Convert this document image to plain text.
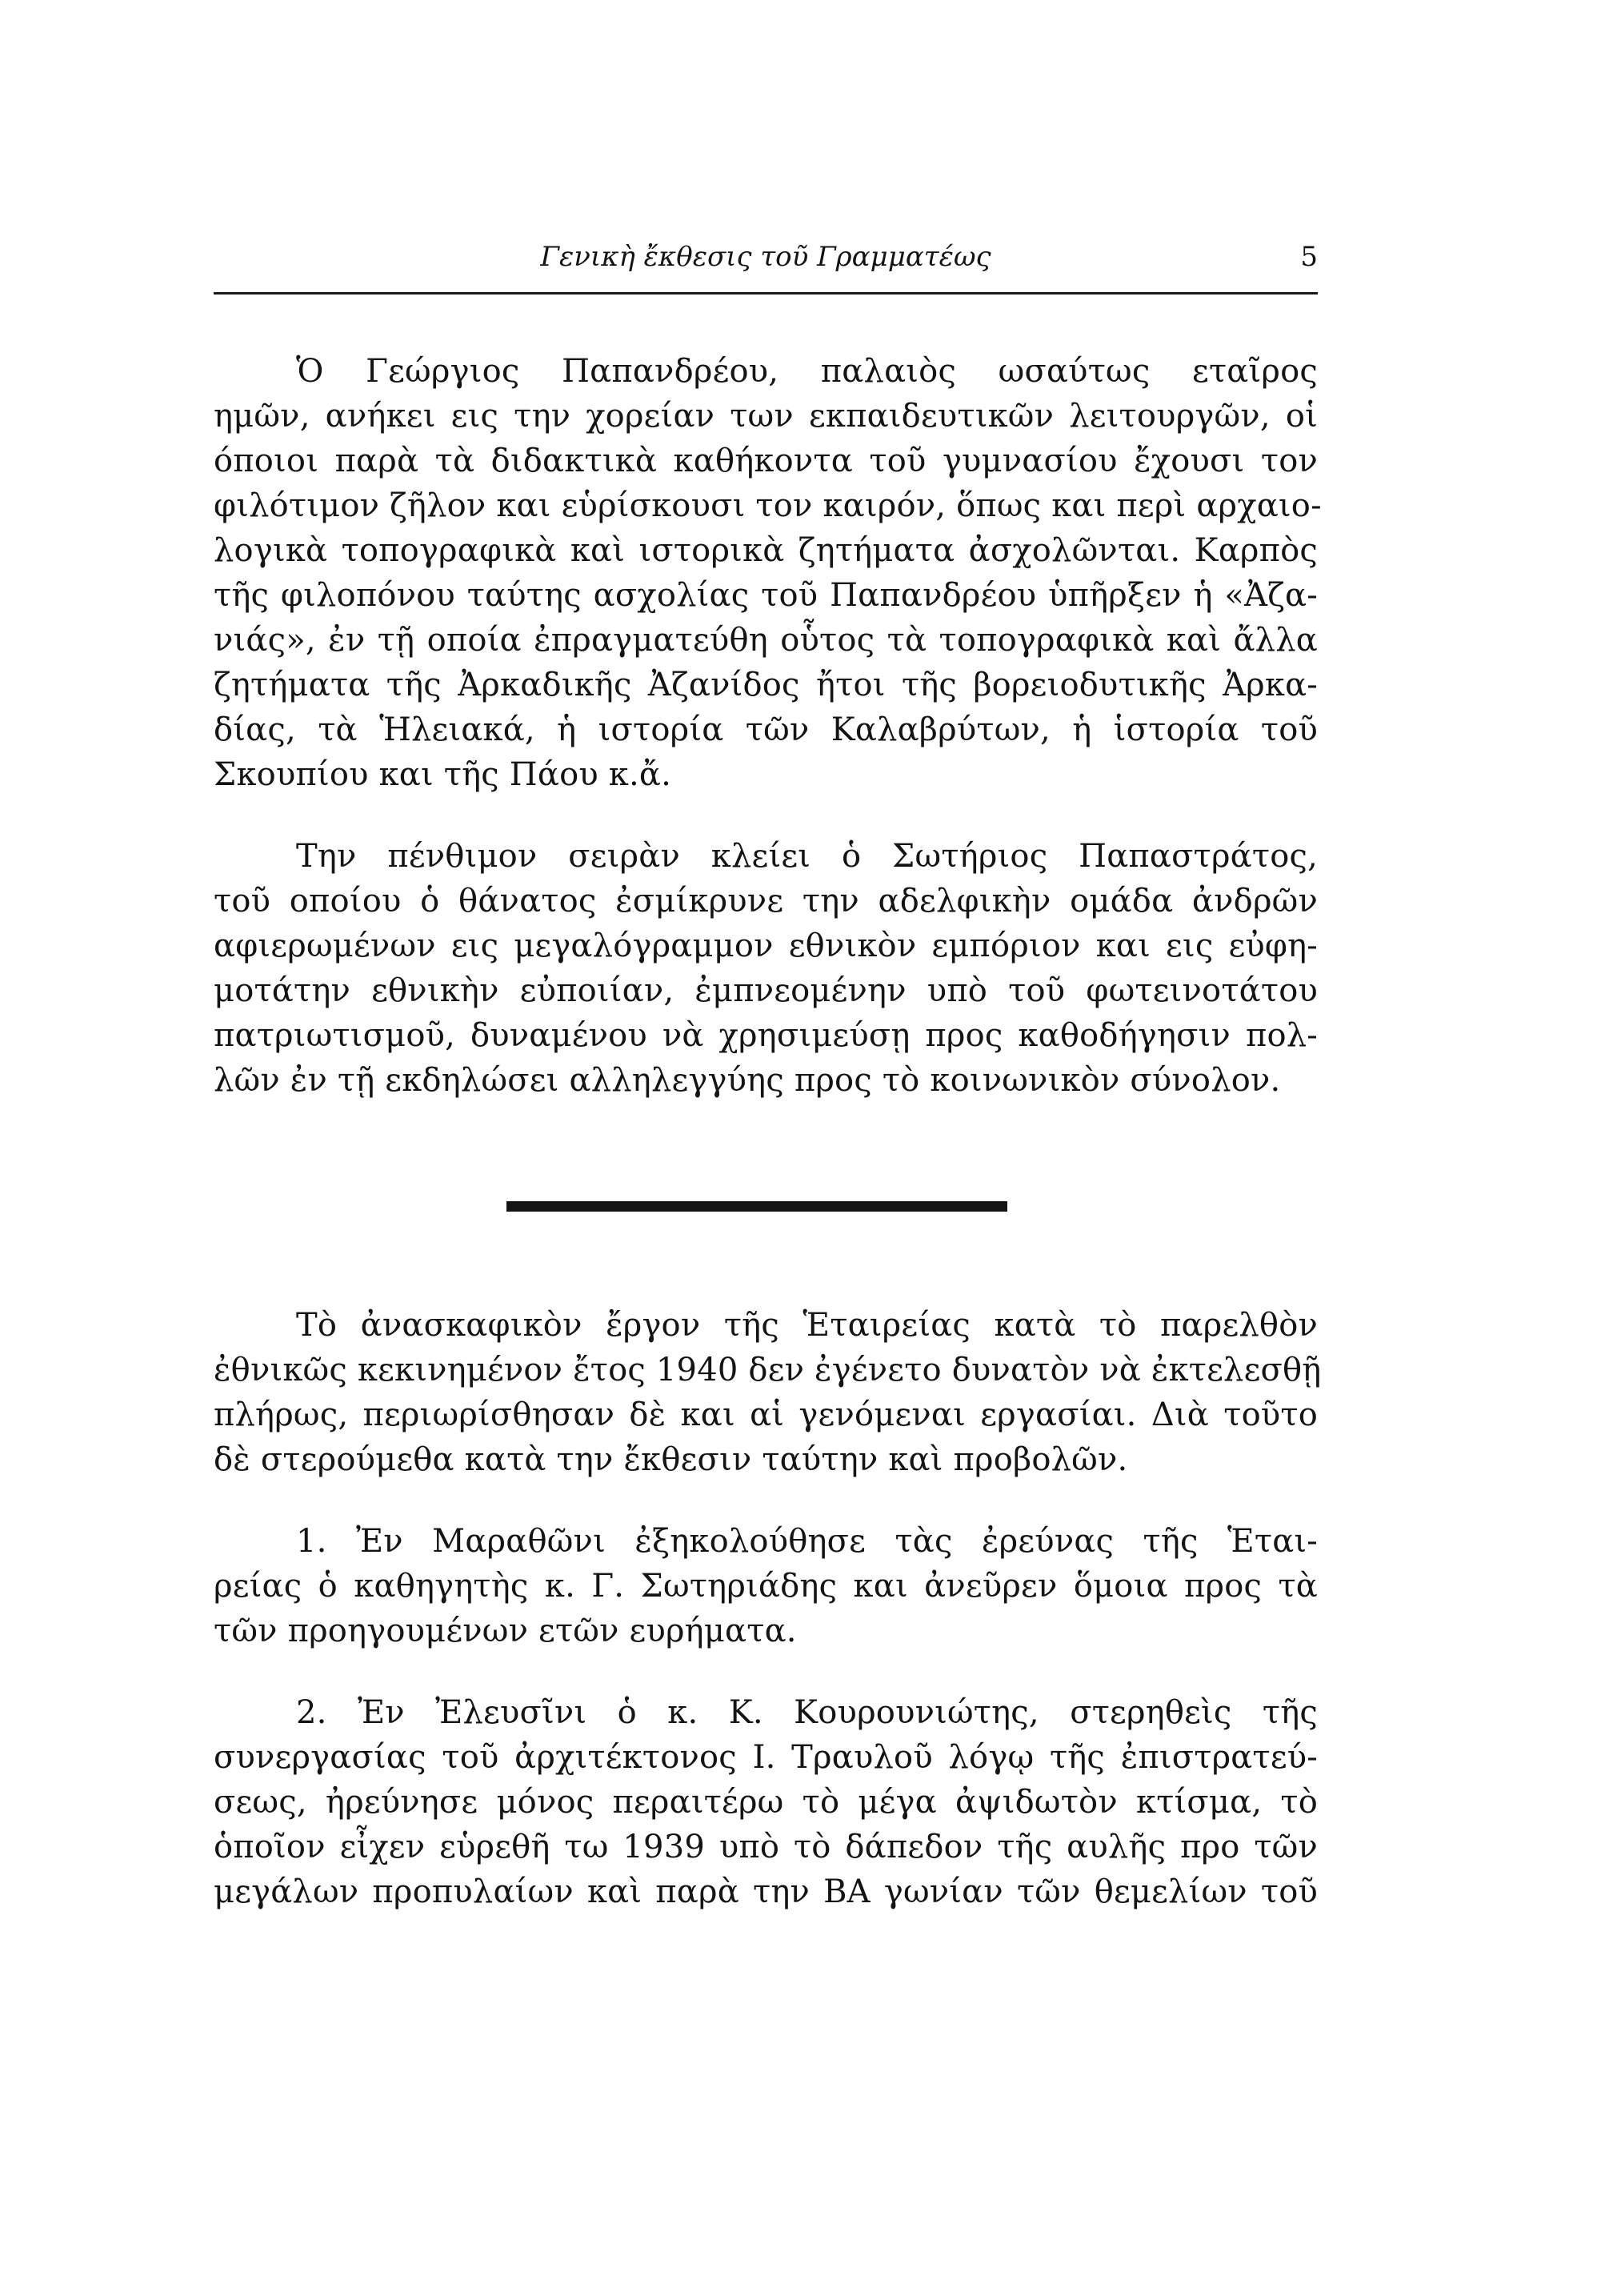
Γενικὴ ἔκθεσις τοῦ Γραμματέως	5
Ὁ Γεώργιος Παπανδρέου, παλαιὸς ωσαύτως εταῖρος
ημῶν, ανήκει εις την χορείαν των εκπαιδευτικῶν λειτουργῶν, οἱ
όποιοι παρὰ τὰ διδακτικὰ καθήκοντα τοῦ γυμνασίου ἔχουσι τον
φιλότιμον ζῆλον και εὑρίσκουσι τον καιρόν, ὅπως και περὶ αρχαιο-
λογικὰ τοπογραφικὰ καὶ ιστορικὰ ζητήματα ἀσχολῶνται. Καρπὸς
τῆς φιλοπόνου ταύτης ασχολίας τοῦ Παπανδρέου ὑπῆρξεν ἡ «Ἀζα-
νιάς», ἐν τῇ οποία ἐπραγματεύθη οὗτος τὰ τοπογραφικὰ καὶ ἄλλα
ζητήματα τῆς Ἀρκαδικῆς Ἀζανίδος ἤτοι τῆς βορειοδυτικῆς Ἀρκα-
δίας, τὰ Ἡλειακά, ἡ ιστορία τῶν Καλαβρύτων, ἡ ἱστορία τοῦ
Σκουπίου και τῆς Πάου κ.ἄ.
Την πένθιμον σειρὰν κλείει ὁ Σωτήριος Παπαστράτος,
τοῦ οποίου ὁ θάνατος ἐσμίκρυνε την αδελφικὴν ομάδα ἀνδρῶν
αφιερωμένων εις μεγαλόγραμμον εθνικὸν εμπόριον και εις εὐφη-
μοτάτην εθνικὴν εὐποιίαν, ἐμπνεομένην υπὸ τοῦ φωτεινοτάτου
πατριωτισμοῦ, δυναμένου νὰ χρησιμεύσῃ προς καθοδήγησιν πολ-
λῶν ἐν τῇ εκδηλώσει αλληλεγγύης προς τὸ κοινωνικὸν σύνολον.
Τὸ ἀνασκαφικὸν ἔργον τῆς Ἑταιρείας κατὰ τὸ παρελθὸν
ἐθνικῶς κεκινημένον ἔτος 1940 δεν ἐγένετο δυνατὸν νὰ ἐκτελεσθῇ
πλήρως, περιωρίσθησαν δὲ και αἱ γενόμεναι εργασίαι. Διὰ τοῦτο
δὲ στερούμεθα κατὰ την ἔκθεσιν ταύτην καὶ προβολῶν.
1. Ἐν Μαραθῶνι ἐξηκολούθησε τὰς ἐρεύνας τῆς Ἑται-
ρείας ὁ καθηγητὴς κ. Γ. Σωτηριάδης και ἀνεῦρεν ὅμοια προς τὰ
τῶν προηγουμένων ετῶν ευρήματα.
2. Ἐν Ἐλευσῖνι ὁ κ. Κ. Κουρουνιώτης, στερηθεὶς τῆς
συνεργασίας τοῦ ἀρχιτέκτονος Ι. Τραυλοῦ λόγῳ τῆς ἐπιστρατεύ-
σεως, ἠρεύνησε μόνος περαιτέρω τὸ μέγα ἀψιδωτὸν κτίσμα, τὸ
ὁποῖον εἶχεν εὑρεθῆ τω 1939 υπὸ τὸ δάπεδον τῆς αυλῆς προ τῶν
μεγάλων προπυλαίων καὶ παρὰ την ΒΑ γωνίαν τῶν θεμελίων τοῦ
